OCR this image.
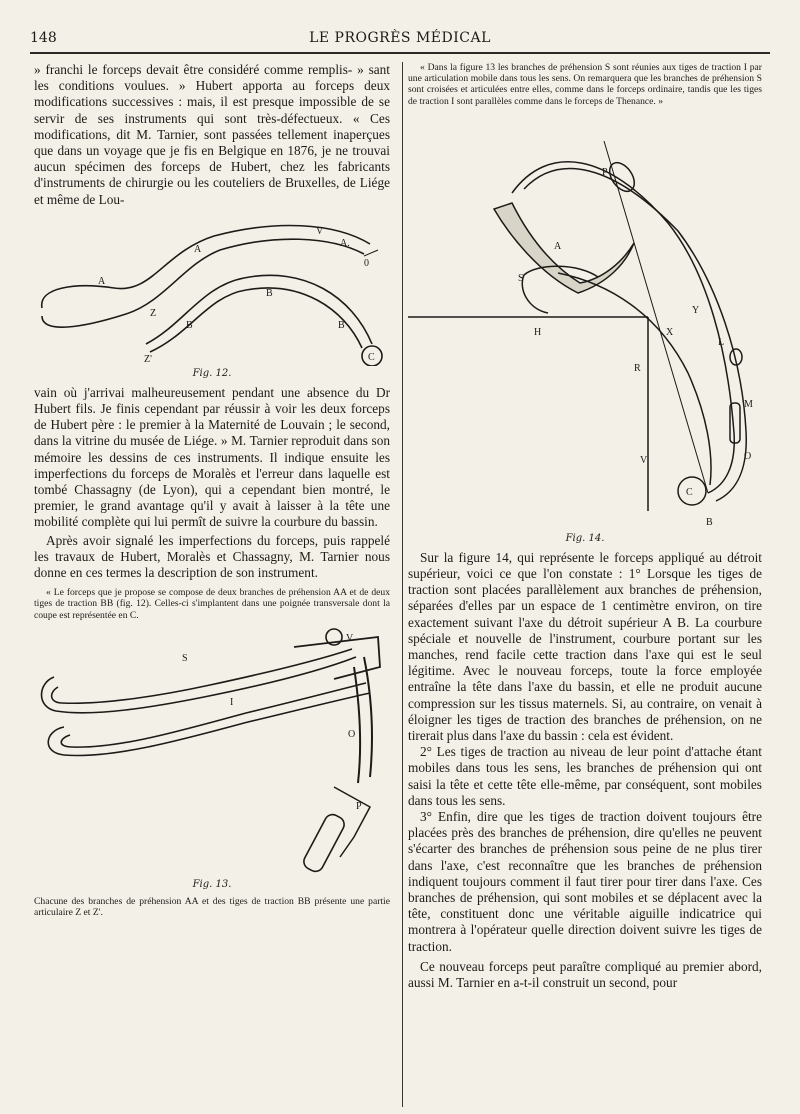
148	LE PROGRÈS MÉDICAL

» franchi le forceps devait être considéré comme remplis- » sant les conditions voulues. » Hubert apporta au forceps deux modifications successives : mais, il est presque impossible de se servir de ses instruments qui sont très-défectueux. « Ces modifications, dit M. Tarnier, sont passées tellement inaperçues que dans un voyage que je fis en Belgique en 1876, je ne trouvai aucun spécimen des forceps de Hubert, chez les fabricants d'instruments de chirurgie ou les couteliers de Bruxelles, de Liége et même de Lou-

A
V
A.
0
A
B
Z
B	B
C
Z'
Fig. 12.

vain où j'arrivai malheureusement pendant une absence du Dr Hubert fils. Je finis cependant par réussir à voir les deux forceps de Hubert père : le premier à la Maternité de Louvain ; le second, dans la vitrine du musée de Liége. » M. Tarnier reproduit dans son mémoire les dessins de ces instruments. Il indique ensuite les imperfections du forceps de Moralès et l'erreur dans laquelle est tombé Chassagny (de Lyon), qui a cependant bien montré, le premier, le grand avantage qu'il y avait à laisser à la tête une mobilité complète qui lui permît de suivre la courbure du bassin.

Après avoir signalé les imperfections du forceps, puis rappelé les travaux de Hubert, Moralès et Chassagny, M. Tarnier nous donne en ces termes la description de son instrument.

« Le forceps que je propose se compose de deux branches de préhension AA et de deux tiges de traction BB (fig. 12). Celles-ci s'implantent dans une poignée transversale dont la coupe est représentée en C.

V
S
I
O
P
Fig. 13.

Chacune des branches de préhension AA et des tiges de traction BB présente une partie articulaire Z et Z'.

« Dans la figure 13 les branches de préhension S sont réunies aux tiges de traction I par une articulation mobile dans tous les sens. On remarquera que les branches de préhension S sont croisées et articulées entre elles, comme dans le forceps ordinaire, tandis que les tiges de traction I sont parallèles comme dans le forceps de Thenance. »

P
A
S
Y
X
L
R
H
M
V	O
C
B
Fig. 14.

Sur la figure 14, qui représente le forceps appliqué au détroit supérieur, voici ce que l'on constate : 1° Lorsque les tiges de traction sont placées parallèlement aux branches de préhension, séparées d'elles par un espace de 1 centimètre environ, on tire exactement suivant l'axe du détroit supérieur A B. La courbure spéciale et nouvelle de l'instrument, courbure portant sur les manches, rend facile cette traction dans l'axe qui est le seul légitime. Avec le nouveau forceps, toute la force employée entraîne la tête dans l'axe du bassin, et elle ne produit aucune compression sur les tissus maternels. Si, au contraire, on venait à éloigner les tiges de traction des branches de préhension, on ne tirerait plus dans l'axe du bassin : cela est évident.

2° Les tiges de traction au niveau de leur point d'attache étant mobiles dans tous les sens, les branches de préhension qui ont saisi la tête et cette tête elle-même, par conséquent, sont mobiles dans tous les sens.

3° Enfin, dire que les tiges de traction doivent toujours être placées près des branches de préhension, dire qu'elles ne peuvent s'écarter des branches de préhension sous peine de ne plus tirer dans l'axe, c'est reconnaître que les branches de préhension indiquent toujours comment il faut tirer pour tirer dans l'axe. Ces branches de préhension, qui sont mobiles et se déplacent avec la tête, constituent donc une véritable aiguille indicatrice qui montrera à l'opérateur quelle direction doivent suivre les tiges de traction.

Ce nouveau forceps peut paraître compliqué au premier abord, aussi M. Tarnier en a-t-il construit un second, pour
